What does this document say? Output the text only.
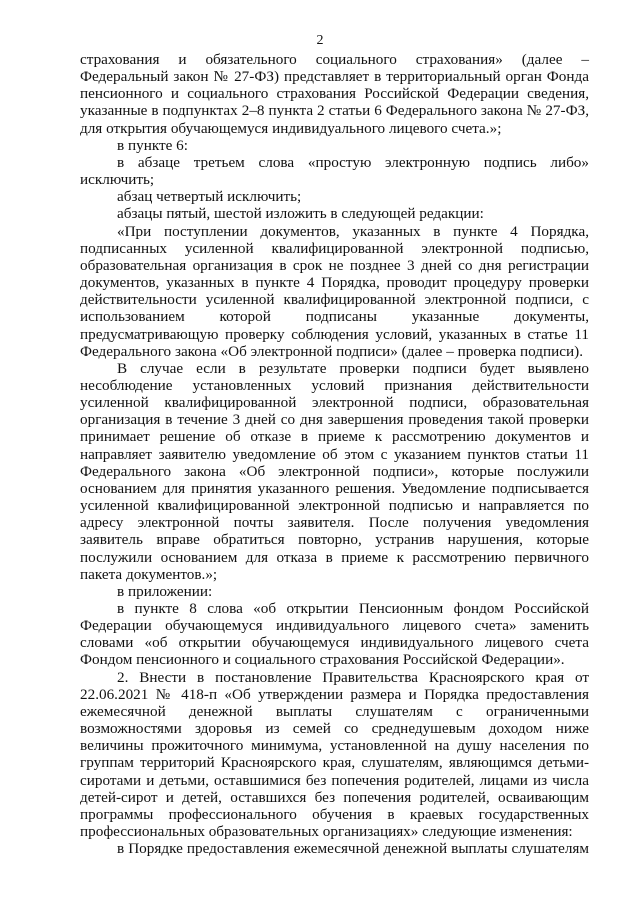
2

страхования и обязательного социального страхования» (далее – Федеральный закон № 27-ФЗ) представляет в территориальный орган Фонда пенсионного и социального страхования Российской Федерации сведения, указанные в подпунктах 2–8 пункта 2 статьи 6 Федерального закона № 27-ФЗ, для открытия обучающемуся индивидуального лицевого счета.»;

в пункте 6:

в абзаце третьем слова «простую электронную подпись либо» исключить;

абзац четвертый исключить;

абзацы пятый, шестой изложить в следующей редакции:

«При поступлении документов, указанных в пункте 4 Порядка, подписанных усиленной квалифицированной электронной подписью, образовательная организация в срок не позднее 3 дней со дня регистрации документов, указанных в пункте 4 Порядка, проводит процедуру проверки действительности усиленной квалифицированной электронной подписи, с использованием которой подписаны указанные документы, предусматривающую проверку соблюдения условий, указанных в статье 11 Федерального закона «Об электронной подписи» (далее – проверка подписи).

В случае если в результате проверки подписи будет выявлено несоблюдение установленных условий признания действительности усиленной квалифицированной электронной подписи, образовательная организация в течение 3 дней со дня завершения проведения такой проверки принимает решение об отказе в приеме к рассмотрению документов и направляет заявителю уведомление об этом с указанием пунктов статьи 11 Федерального закона «Об электронной подписи», которые послужили основанием для принятия указанного решения. Уведомление подписывается усиленной квалифицированной электронной подписью и направляется по адресу электронной почты заявителя. После получения уведомления заявитель вправе обратиться повторно, устранив нарушения, которые послужили основанием для отказа в приеме к рассмотрению первичного пакета документов.»;

в приложении:

в пункте 8 слова «об открытии Пенсионным фондом Российской Федерации обучающемуся индивидуального лицевого счета» заменить словами «об открытии обучающемуся индивидуального лицевого счета Фондом пенсионного и социального страхования Российской Федерации».

2. Внести в постановление Правительства Красноярского края от 22.06.2021 № 418-п «Об утверждении размера и Порядка предоставления ежемесячной денежной выплаты слушателям с ограниченными возможностями здоровья из семей со среднедушевым доходом ниже величины прожиточного минимума, установленной на душу населения по группам территорий Красноярского края, слушателям, являющимся детьми-сиротами и детьми, оставшимися без попечения родителей, лицами из числа детей-сирот и детей, оставшихся без попечения родителей, осваивающим программы профессионального обучения в краевых государственных профессиональных образовательных организациях» следующие изменения:

в Порядке предоставления ежемесячной денежной выплаты слушателям
